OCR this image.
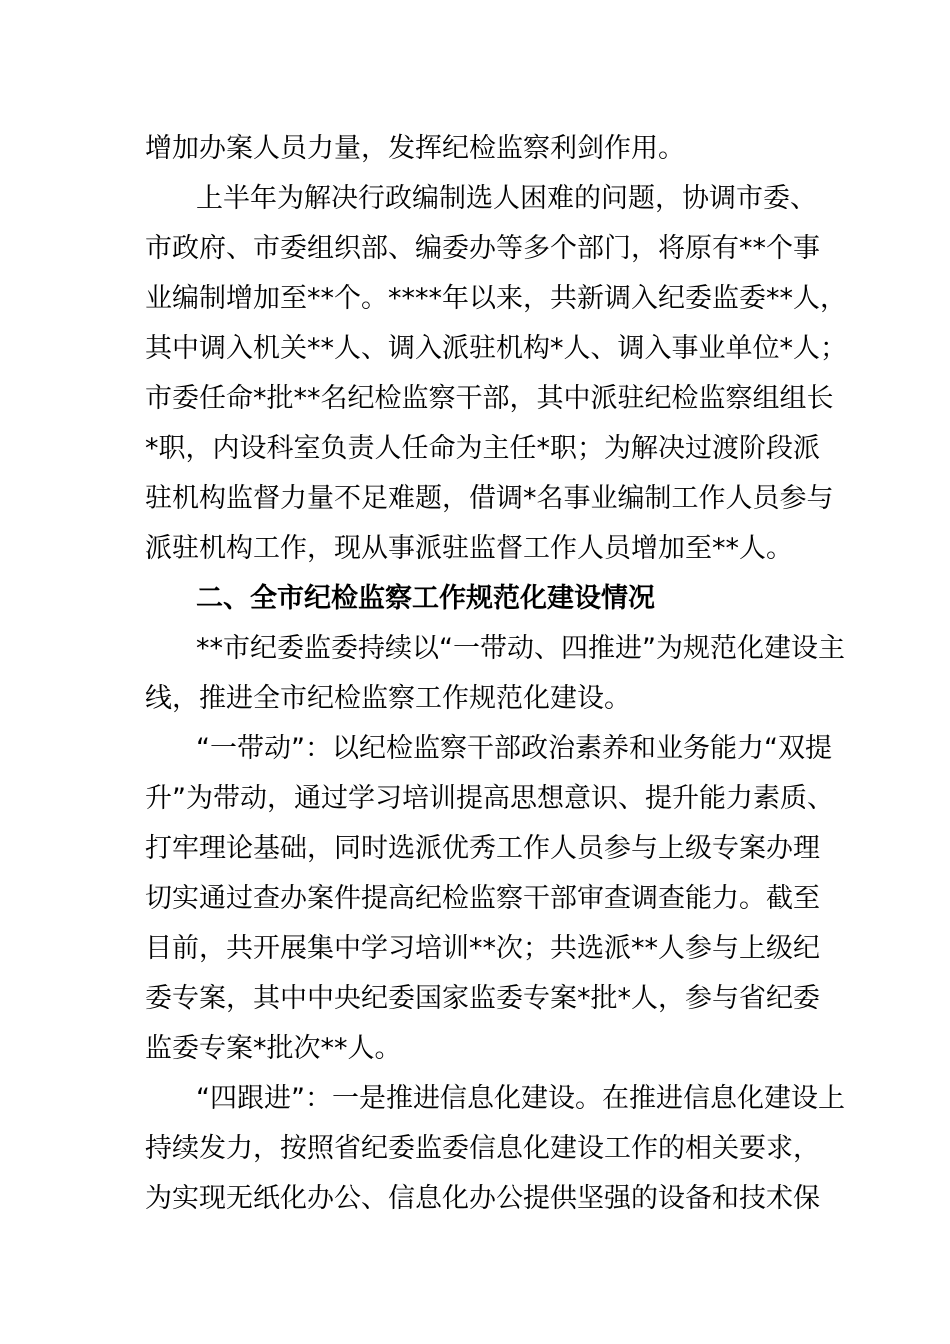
增加办案人员力量，发挥纪检监察利剑作用。
上半年为解决行政编制选人困难的问题，协调市委、
市政府、市委组织部、编委办等多个部门，将原有**个事
业编制增加至**个。****年以来，共新调入纪委监委**人，
其中调入机关**人、调入派驻机构*人、调入事业单位*人；
市委任命*批**名纪检监察干部，其中派驻纪检监察组组长
*职，内设科室负责人任命为主任*职；为解决过渡阶段派
驻机构监督力量不足难题，借调*名事业编制工作人员参与
派驻机构工作，现从事派驻监督工作人员增加至**人。
二、全市纪检监察工作规范化建设情况
**市纪委监委持续以“一带动、四推进”为规范化建设主
线，推进全市纪检监察工作规范化建设。
“一带动”：以纪检监察干部政治素养和业务能力“双提
升”为带动，通过学习培训提高思想意识、提升能力素质、
打牢理论基础，同时选派优秀工作人员参与上级专案办理
切实通过查办案件提高纪检监察干部审查调查能力。截至
目前，共开展集中学习培训**次；共选派**人参与上级纪
委专案，其中中央纪委国家监委专案*批*人，参与省纪委
监委专案*批次**人。
“四跟进”：一是推进信息化建设。在推进信息化建设上
持续发力，按照省纪委监委信息化建设工作的相关要求，
为实现无纸化办公、信息化办公提供坚强的设备和技术保
